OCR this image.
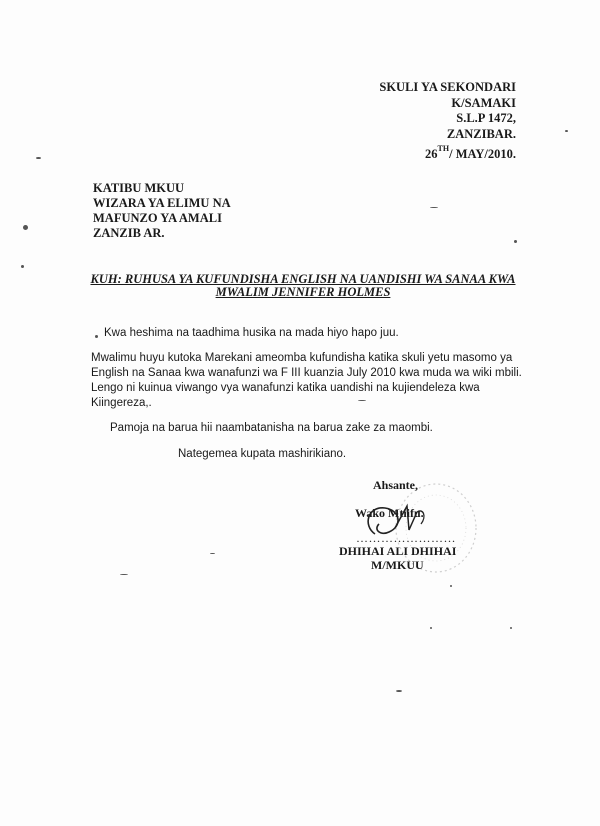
SKULI YA SEKONDARI
K/SAMAKI
S.L.P 1472,
ZANZIBAR.
26TH/ MAY/2010.
KATIBU MKUU
WIZARA YA ELIMU NA
MAFUNZO YA AMALI
ZANZIB AR.
KUH: RUHUSA YA KUFUNDISHA ENGLISH NA UANDISHI WA SANAA KWA
MWALIM JENNIFER HOLMES
Kwa heshima na taadhima husika na mada hiyo hapo juu.
Mwalimu huyu kutoka Marekani ameomba kufundisha katika skuli yetu masomo ya
English na Sanaa kwa wanafunzi wa F III kuanzia July 2010 kwa muda wa wiki mbili.
Lengo ni kuinua viwango vya wanafunzi katika uandishi na kujiendeleza kwa
Kiingereza,.
Pamoja na barua hii naambatanisha na barua zake za maombi.
Nategemea kupata mashirikiano.
Ahsante,
Wako Mtiifu.
……………………
DHIHAI ALI DHIHAI
M/MKUU
